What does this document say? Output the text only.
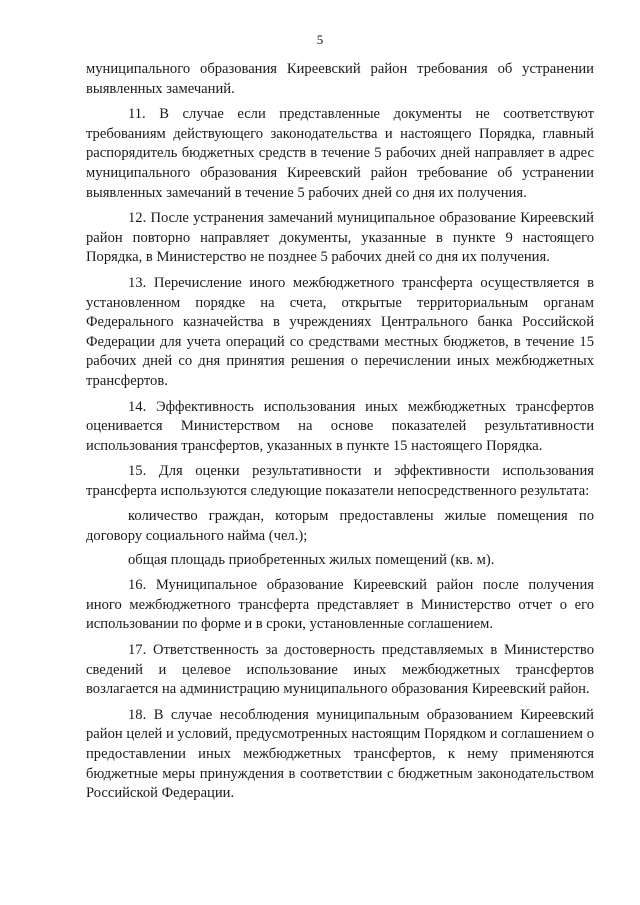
5

муниципального образования Киреевский район требования об устранении выявленных замечаний.

11. В случае если представленные документы не соответствуют требованиям действующего законодательства и настоящего Порядка, главный распорядитель бюджетных средств в течение 5 рабочих дней направляет в адрес муниципального образования Киреевский район требование об устранении выявленных замечаний в течение 5 рабочих дней со дня их получения.

12. После устранения замечаний муниципальное образование Киреевский район повторно направляет документы, указанные в пункте 9 настоящего Порядка, в Министерство не позднее 5 рабочих дней со дня их получения.

13. Перечисление иного межбюджетного трансферта осуществляется в установленном порядке на счета, открытые территориальным органам Федерального казначейства в учреждениях Центрального банка Российской Федерации для учета операций со средствами местных бюджетов, в течение 15 рабочих дней со дня принятия решения о перечислении иных межбюджетных трансфертов.

14. Эффективность использования иных межбюджетных трансфертов оценивается Министерством на основе показателей результативности использования трансфертов, указанных в пункте 15 настоящего Порядка.

15. Для оценки результативности и эффективности использования трансферта используются следующие показатели непосредственного результата:

количество граждан, которым предоставлены жилые помещения по договору социального найма (чел.);

общая площадь приобретенных жилых помещений (кв. м).

16. Муниципальное образование Киреевский район после получения иного межбюджетного трансферта представляет в Министерство отчет о его использовании по форме и в сроки, установленные соглашением.

17. Ответственность за достоверность представляемых в Министерство сведений и целевое использование иных межбюджетных трансфертов возлагается на администрацию муниципального образования Киреевский район.

18. В случае несоблюдения муниципальным образованием Киреевский район целей и условий, предусмотренных настоящим Порядком и соглашением о предоставлении иных межбюджетных трансфертов, к нему применяются бюджетные меры принуждения в соответствии с бюджетным законодательством Российской Федерации.
